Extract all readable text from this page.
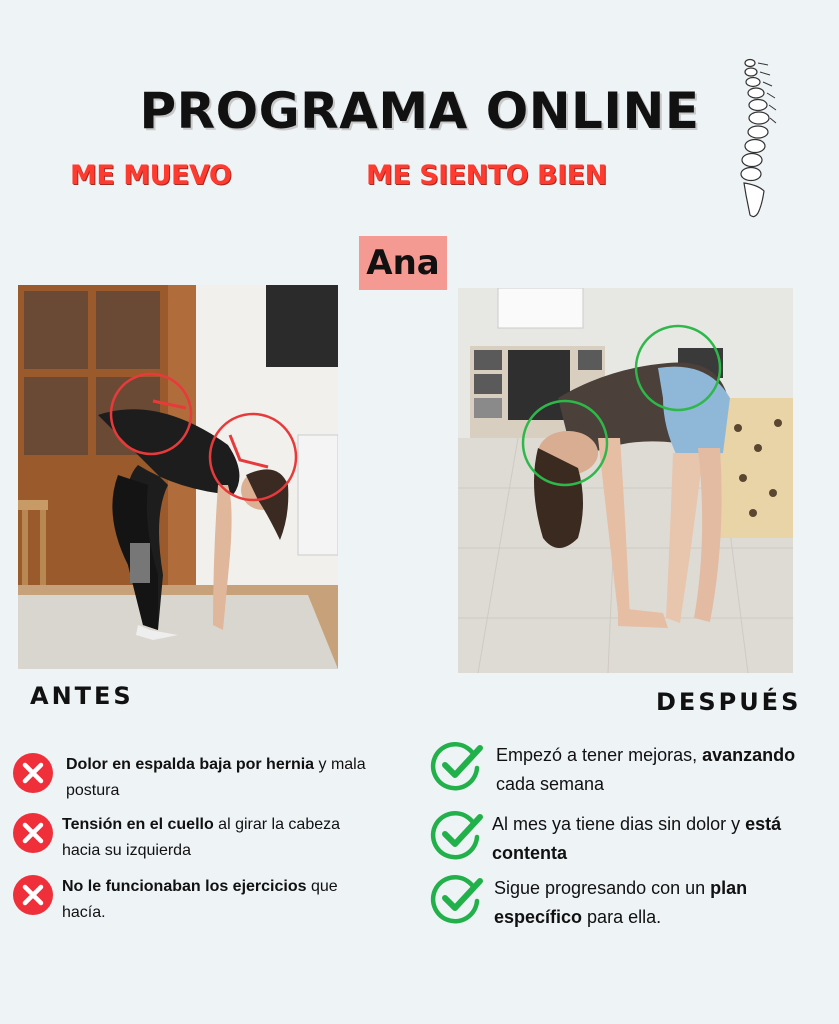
PROGRAMA ONLINE
ME MUEVO	ME SIENTO BIEN
Ana
ANTES	DESPUÉS
Dolor en espalda baja por hernia y mala postura
Tensión en el cuello al girar la cabeza hacia su izquierda
No le funcionaban los ejercicios que hacía.
Empezó a tener mejoras, avanzando cada semana
Al mes ya tiene dias sin dolor y está contenta
Sigue progresando con un plan específico para ella.
